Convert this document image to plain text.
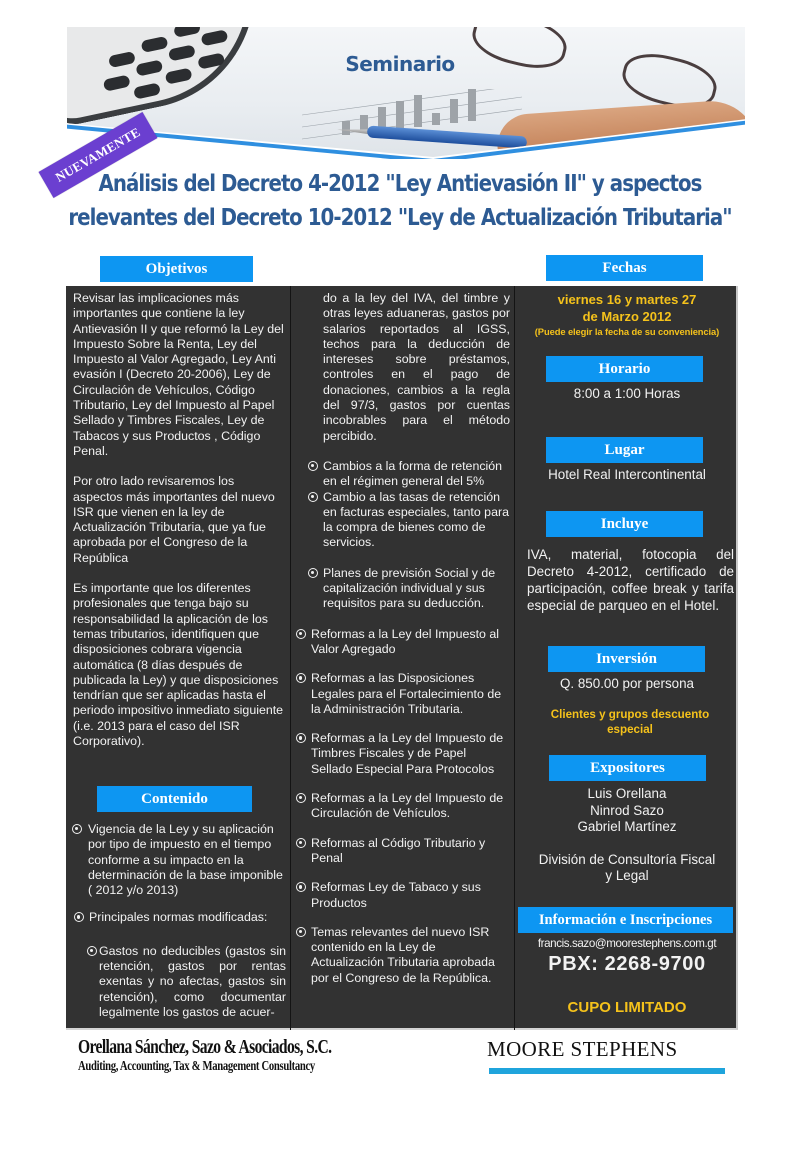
Seminario
NUEVAMENTE
Análisis del Decreto 4-2012 "Ley Antievasión II" y aspectos
relevantes del Decreto 10-2012 "Ley de Actualización Tributaria"
Objetivos	Fechas

Revisar las implicaciones más importantes que contiene la ley Antievasión II y que reformó la Ley del Impuesto Sobre la Renta, Ley del Impuesto al Valor Agregado, Ley Anti evasión I (Decreto 20-2006), Ley de Circulación de Vehículos, Código Tributario, Ley del Impuesto al Papel Sellado y Timbres Fiscales, Ley de Tabacos y sus Productos , Código Penal.

Por otro lado revisaremos los aspectos más importantes del nuevo ISR que vienen en la ley de Actualización Tributaria, que ya fue aprobada por el Congreso de la República

Es importante que los diferentes profesionales que tenga bajo su responsabilidad la aplicación de los temas tributarios, identifiquen que disposiciones cobrara vigencia automática (8 días después de publicada la Ley) y que disposiciones tendrían que ser aplicadas hasta el periodo impositivo inmediato siguiente (i.e. 2013 para el caso del ISR Corporativo).

Contenido
Vigencia de la Ley y su aplicación por tipo de impuesto en el tiempo conforme a su impacto en la determinación de la base imponible ( 2012 y/o 2013)
Principales normas modificadas:
Gastos no deducibles (gastos sin retención, gastos por rentas exentas y no afectas, gastos sin retención), como documentar legalmente los gastos de acuer-

do a la ley del IVA, del timbre y otras leyes aduaneras, gastos por salarios reportados al IGSS, techos para la deducción de intereses sobre préstamos, controles en el pago de donaciones, cambios a la regla del 97/3, gastos por cuentas incobrables para el método percibido.

Cambios a la forma de retención en el régimen general del 5%
Cambio a las tasas de retención en facturas especiales, tanto para la compra de bienes como de servicios.
Planes de previsión Social y de capitalización individual y sus requisitos para su deducción.
Reformas a la Ley del Impuesto al Valor Agregado
Reformas a las Disposiciones Legales para el Fortalecimiento de la Administración Tributaria.
Reformas a la Ley del Impuesto de Timbres Fiscales y de Papel Sellado Especial Para Protocolos
Reformas a la Ley del Impuesto de Circulación de Vehículos.
Reformas al Código Tributario y Penal
Reformas Ley de Tabaco y sus Productos
Temas relevantes del nuevo ISR contenido en la Ley de Actualización Tributaria aprobada por el Congreso de la República.
viernes 16 y martes 27
de Marzo 2012
(Puede elegir la fecha de su conveniencia)
Horario
8:00 a 1:00 Horas
Lugar
Hotel Real Intercontinental
Incluye
IVA, material, fotocopia del Decreto 4-2012, certificado de participación, coffee break y tarifa especial de parqueo en el Hotel.
Inversión
Q. 850.00 por persona
Clientes y grupos descuento especial
Expositores
Luis Orellana
Ninrod Sazo
Gabriel Martínez
División de Consultoría Fiscal y Legal
Información e Inscripciones
francis.sazo@moorestephens.com.gt
PBX: 2268-9700
CUPO LIMITADO
Orellana Sánchez, Sazo & Asociados, S.C.
Auditing, Accounting, Tax & Management Consultancy
MOORE STEPHENS
